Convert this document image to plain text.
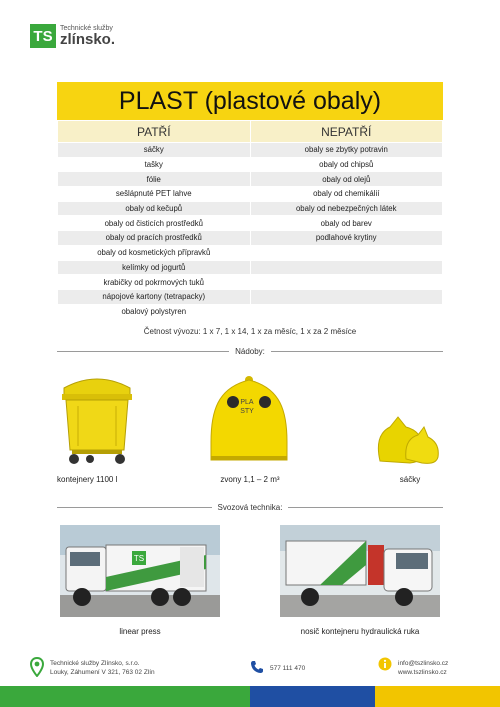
TS	Technické služby
zlínsko.
PLAST (plastové obaly)
PATŘÍ	NEPATŘÍ
sáčky	obaly se zbytky potravin
tašky	obaly od chipsů
fólie	obaly od olejů
sešlápnuté PET lahve	obaly od chemikálií
obaly od kečupů	obaly od nebezpečných látek
obaly od čisticích prostředků	obaly od barev
obaly od pracích prostředků	podlahové krytiny
obaly od kosmetických přípravků	
kelímky od jogurtů	
krabičky od pokrmových tuků	
nápojové kartony (tetrapacky)	
obalový polystyren	
Četnost vývozu: 1 x 7, 1 x 14, 1 x za měsíc, 1 x za 2 měsíce
Nádoby:
PLASTY
kontejnery 1100 l	zvony 1,1 – 2 m³	sáčky
Svozová technika:
TS
linear press	nosič kontejneru hydraulická ruka
Technické služby Zlínsko, s.r.o.
Louky, Záhumení V 321, 763 02 Zlín
577 111 470
info@tszlinsko.cz
www.tszlinsko.cz
